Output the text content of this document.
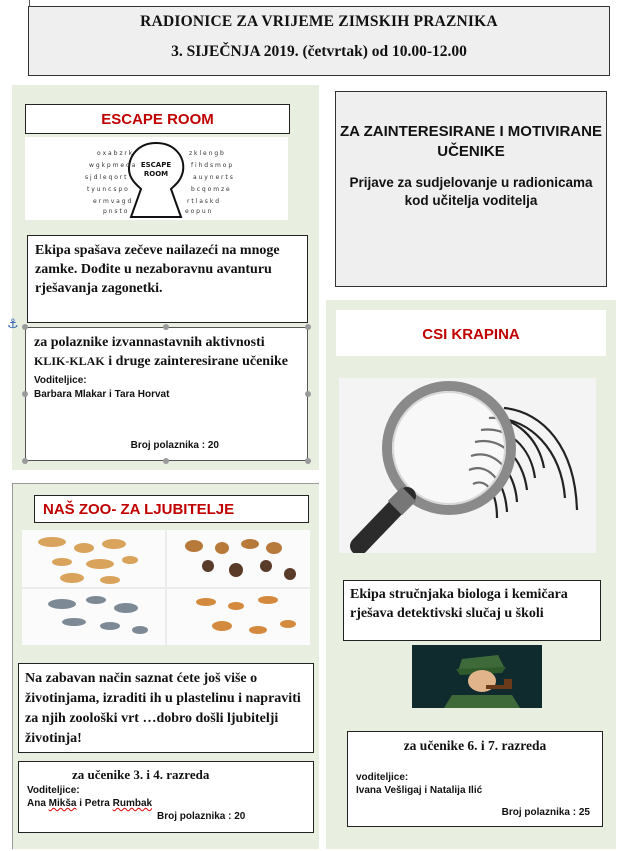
RADIONICE ZA VRIJEME ZIMSKIH PRAZNIKA
3. SIJEČNJA 2019. (četvrtak) od 10.00-12.00
ESCAPE ROOM
o x a b z r k
w g k p m e d a
s j d l e q o r t
t y u n c s p o
e r m v a g d
p n s t o
z k l e n g b
f i h d s m o p
a u y n e r t s
b c q o m z e
r t l a s k d
e o p u n
ESCAPE
ROOM
Ekipa spašava zečeve nailazeći na mnoge zamke. Dođite u nezaboravnu avanturu rješavanja zagonetki.
⚓
za polaznike izvannastavnih aktivnosti KLIK-KLAK i druge zainteresirane učenike
Voditeljice:
Barbara Mlakar i Tara Horvat
Broj polaznika : 20
ZA ZAINTERESIRANE I MOTIVIRANE UČENIKE
Prijave za sudjelovanje u radionicama kod učitelja voditelja
CSI KRAPINA
Ekipa stručnjaka biologa i kemičara rješava detektivski slučaj u školi
za učenike 6. i 7. razreda
voditeljice:
Ivana Vešligaj i Natalija Ilić
Broj polaznika : 25
NAŠ ZOO- ZA LJUBITELJE
Na zabavan način saznat ćete još više o životinjama, izraditi ih u plastelinu i napraviti za njih zoološki vrt …dobro došli ljubitelji životinja!
za učenike 3. i 4. razreda
Voditeljice:
Ana Mikša i Petra Rumbak
Broj polaznika : 20
